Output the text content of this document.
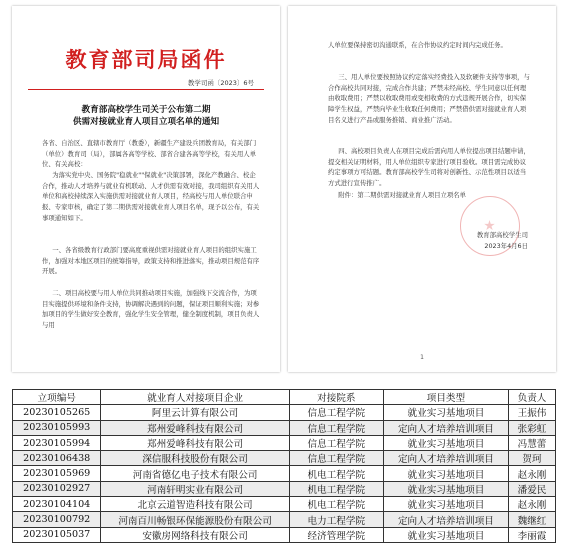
教育部司局函件
教学司函〔2023〕6号
教育部高校学生司关于公布第二期
供需对接就业育人项目立项名单的通知
各省、自治区、直辖市教育厅（教委），新疆生产建设兵团教育局，有关部门（单位）教育司（局），部属各高等学校、部省合建各高等学校，有关用人单位、有关高校：
为落实党中央、国务院"稳就业""保就业"决策部署，深化产教融合、校企合作，推动人才培养与就业有机联动、人才供需有效对接，我司组织有关用人单位和高校持续深入实施供需对接就业育人项目，经高校与用人单位联合申报、专家审核，确定了第二期供需对接就业育人项目名单，现予以公布，有关事项通知如下。
一、各省级教育行政部门要高度重视供需对接就业育人项目的组织实施工作，加强对本地区项目的统筹指导，政策支持和推进落实，推动项目规范有序开展。
二、项目高校要与用人单位共同推动项目实施，加强线下交流合作，为项目实施提供环境和条件支持，协调解决遇到的问题，保证项目顺利实施；对参加项目的学生做好安全教育，强化学生安全管理，健全制度机制，项目负责人与用
人单位要保持密切沟通联系，在合作协议约定时间内完成任务。
三、用人单位要按照协议约定落实经费投入及软硬件支持等事项，与合作高校共同对接，完成合作共建；严禁未经高校、学生同意以任何理由收取费用；严禁以收取费用或变相收费的方式违规开展合作，切实保障学生权益，严禁向毕业生收取任何费用；严禁借供需对接就业育人项目名义进行产品或服务推销、商业推广活动。
四、高校项目负责人在项目完成后需向用人单位提出项目结题申请，提交相关证明材料，用人单位组织专家进行项目验收。项目需完成协议约定事项方可结题。教育部高校学生司将对创新性、示范性项目以适当方式进行宣传推广。
附件：第二期供需对接就业育人项目立项名单
教育部高校学生司
2023年4月6日
1
立项编号	就业育人对接项目企业	对接院系	项目类型	负责人
20230105265	阿里云计算有限公司	信息工程学院	就业实习基地项目	王振伟
20230105993	郑州爱峰科技有限公司	信息工程学院	定向人才培养培训项目	张彩虹
20230105994	郑州爱峰科技有限公司	信息工程学院	就业实习基地项目	冯慧蕾
20230106438	深信服科技股份有限公司	信息工程学院	定向人才培养培训项目	贺珂
20230105969	河南省德亿电子技术有限公司	机电工程学院	就业实习基地项目	赵永刚
20230102927	河南轩明实业有限公司	机电工程学院	就业实习基地项目	潘爱民
20230104104	北京云道智造科技有限公司	机电工程学院	就业实习基地项目	赵永刚
20230100792	河南百川畅银环保能源股份有限公司	电力工程学院	定向人才培养培训项目	魏继红
20230105037	安徽房网络科技有限公司	经济管理学院	就业实习基地项目	李丽霞
